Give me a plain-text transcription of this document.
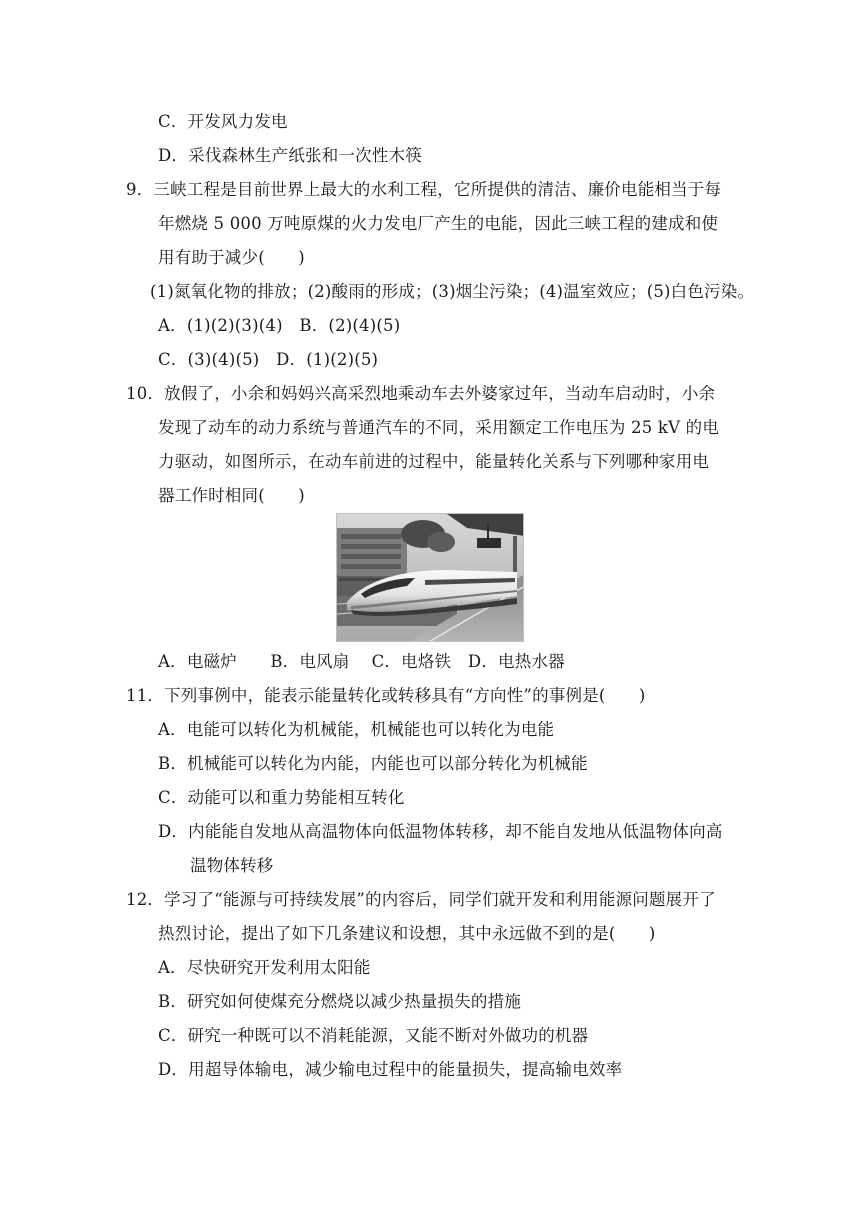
C．开发风力发电
D．采伐森林生产纸张和一次性木筷
9．三峡工程是目前世界上最大的水利工程，它所提供的清洁、廉价电能相当于每
年燃烧 5 000 万吨原煤的火力发电厂产生的电能，因此三峡工程的建成和使
用有助于减少(　　)
(1)氮氧化物的排放；(2)酸雨的形成；(3)烟尘污染；(4)温室效应；(5)白色污染。
A．(1)(2)(3)(4)　B．(2)(4)(5)
C．(3)(4)(5)　D．(1)(2)(5)
10．放假了，小余和妈妈兴高采烈地乘动车去外婆家过年，当动车启动时，小余
发现了动车的动力系统与普通汽车的不同，采用额定工作电压为 25 kV 的电
力驱动，如图所示，在动车前进的过程中，能量转化关系与下列哪种家用电
器工作时相同(　　)
A．电磁炉　　B．电风扇　 C．电烙铁　D．电热水器
11．下列事例中，能表示能量转化或转移具有“方向性”的事例是(　　)
A．电能可以转化为机械能，机械能也可以转化为电能
B．机械能可以转化为内能，内能也可以部分转化为机械能
C．动能可以和重力势能相互转化
D．内能能自发地从高温物体向低温物体转移，却不能自发地从低温物体向高
温物体转移
12．学习了“能源与可持续发展”的内容后，同学们就开发和利用能源问题展开了
热烈讨论，提出了如下几条建议和设想，其中永远做不到的是(　　)
A．尽快研究开发利用太阳能
B．研究如何使煤充分燃烧以减少热量损失的措施
C．研究一种既可以不消耗能源，又能不断对外做功的机器
D．用超导体输电，减少输电过程中的能量损失，提高输电效率
